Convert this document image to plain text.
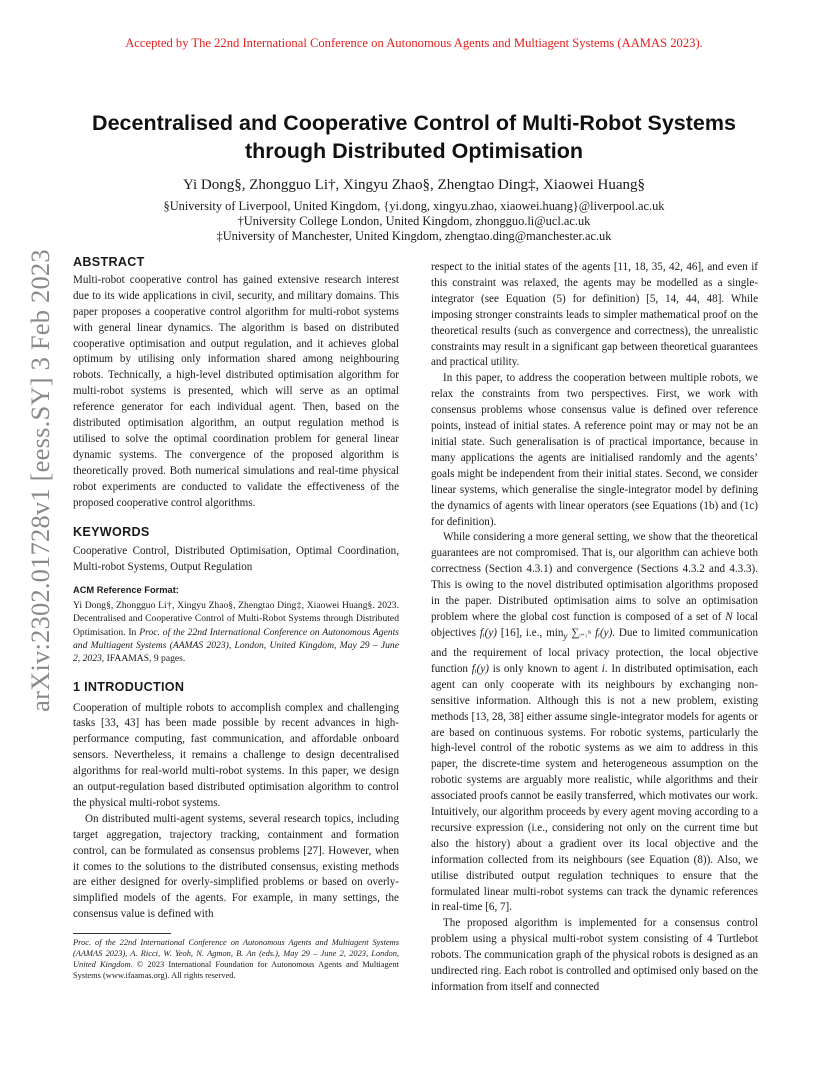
Accepted by The 22nd International Conference on Autonomous Agents and Multiagent Systems (AAMAS 2023).
arXiv:2302.01728v1 [eess.SY] 3 Feb 2023
Decentralised and Cooperative Control of Multi-Robot Systems
through Distributed Optimisation
Yi Dong§, Zhongguo Li†, Xingyu Zhao§, Zhengtao Ding‡, Xiaowei Huang§
§University of Liverpool, United Kingdom, {yi.dong, xingyu.zhao, xiaowei.huang}@liverpool.ac.uk
†University College London, United Kingdom, zhongguo.li@ucl.ac.uk
‡University of Manchester, United Kingdom, zhengtao.ding@manchester.ac.uk
ABSTRACT

Multi-robot cooperative control has gained extensive research interest due to its wide applications in civil, security, and military domains. This paper proposes a cooperative control algorithm for multi-robot systems with general linear dynamics. The algorithm is based on distributed cooperative optimisation and output regulation, and it achieves global optimum by utilising only information shared among neighbouring robots. Technically, a high-level distributed optimisation algorithm for multi-robot systems is presented, which will serve as an optimal reference generator for each individual agent. Then, based on the distributed optimisation algorithm, an output regulation method is utilised to solve the optimal coordination problem for general linear dynamic systems. The convergence of the proposed algorithm is theoretically proved. Both numerical simulations and real-time physical robot experiments are conducted to validate the effectiveness of the proposed cooperative control algorithms.

KEYWORDS

Cooperative Control, Distributed Optimisation, Optimal Coordination, Multi-robot Systems, Output Regulation

ACM Reference Format:
Yi Dong§, Zhongguo Li†, Xingyu Zhao§, Zhengtao Ding‡, Xiaowei Huang§. 2023. Decentralised and Cooperative Control of Multi-Robot Systems through Distributed Optimisation. In Proc. of the 22nd International Conference on Autonomous Agents and Multiagent Systems (AAMAS 2023), London, United Kingdom, May 29 – June 2, 2023, IFAAMAS, 9 pages.
1 INTRODUCTION

Cooperation of multiple robots to accomplish complex and challenging tasks [33, 43] has been made possible by recent advances in high-performance computing, fast communication, and affordable onboard sensors. Nevertheless, it remains a challenge to design decentralised algorithms for real-world multi-robot systems. In this paper, we design an output-regulation based distributed optimisation algorithm to control the physical multi-robot systems.

On distributed multi-agent systems, several research topics, including target aggregation, trajectory tracking, containment and formation control, can be formulated as consensus problems [27]. However, when it comes to the solutions to the distributed consensus, existing methods are either designed for overly-simplified problems or based on overly-simplified models of the agents. For example, in many settings, the consensus value is defined with

Proc. of the 22nd International Conference on Autonomous Agents and Multiagent Systems (AAMAS 2023), A. Ricci, W. Yeoh, N. Agmon, B. An (eds.), May 29 – June 2, 2023, London, United Kingdom. © 2023 International Foundation for Autonomous Agents and Multiagent Systems (www.ifaamas.org). All rights reserved.

respect to the initial states of the agents [11, 18, 35, 42, 46], and even if this constraint was relaxed, the agents may be modelled as a single-integrator (see Equation (5) for definition) [5, 14, 44, 48]. While imposing stronger constraints leads to simpler mathematical proof on the theoretical results (such as convergence and correctness), the unrealistic constraints may result in a significant gap between theoretical guarantees and practical utility.

In this paper, to address the cooperation between multiple robots, we relax the constraints from two perspectives. First, we work with consensus problems whose consensus value is defined over reference points, instead of initial states. A reference point may or may not be an initial state. Such generalisation is of practical importance, because in many applications the agents are initialised randomly and the agents’ goals might be independent from their initial states. Second, we consider linear systems, which generalise the single-integrator model by defining the dynamics of agents with linear operators (see Equations (1b) and (1c) for definition).

While considering a more general setting, we show that the theoretical guarantees are not compromised. That is, our algorithm can achieve both correctness (Section 4.3.1) and convergence (Sections 4.3.2 and 4.3.3). This is owing to the novel distributed optimisation algorithms proposed in the paper. Distributed optimisation aims to solve an optimisation problem where the global cost function is composed of a set of N local objectives fᵢ(y) [16], i.e., $\min_y$ ∑ᵢ₌₁ᴺ fᵢ(y). Due to limited communication and the requirement of local privacy protection, the local objective function fᵢ(y) is only known to agent i. In distributed optimisation, each agent can only cooperate with its neighbours by exchanging non-sensitive information. Although this is not a new problem, existing methods [13, 28, 38] either assume single-integrator models for agents or are based on continuous systems. For robotic systems, particularly the high-level control of the robotic systems as we aim to address in this paper, the discrete-time system and heterogeneous assumption on the robotic systems are arguably more realistic, while algorithms and their associated proofs cannot be easily transferred, which motivates our work. Intuitively, our algorithm proceeds by every agent moving according to a recursive expression (i.e., considering not only on the current time but also the history) about a gradient over its local objective and the information collected from its neighbours (see Equation (8)). Also, we utilise distributed output regulation techniques to ensure that the formulated linear multi-robot systems can track the dynamic references in real-time [6, 7].

The proposed algorithm is implemented for a consensus control problem using a physical multi-robot system consisting of 4 Turtlebot robots. The communication graph of the physical robots is designed as an undirected ring. Each robot is controlled and optimised only based on the information from itself and connected
